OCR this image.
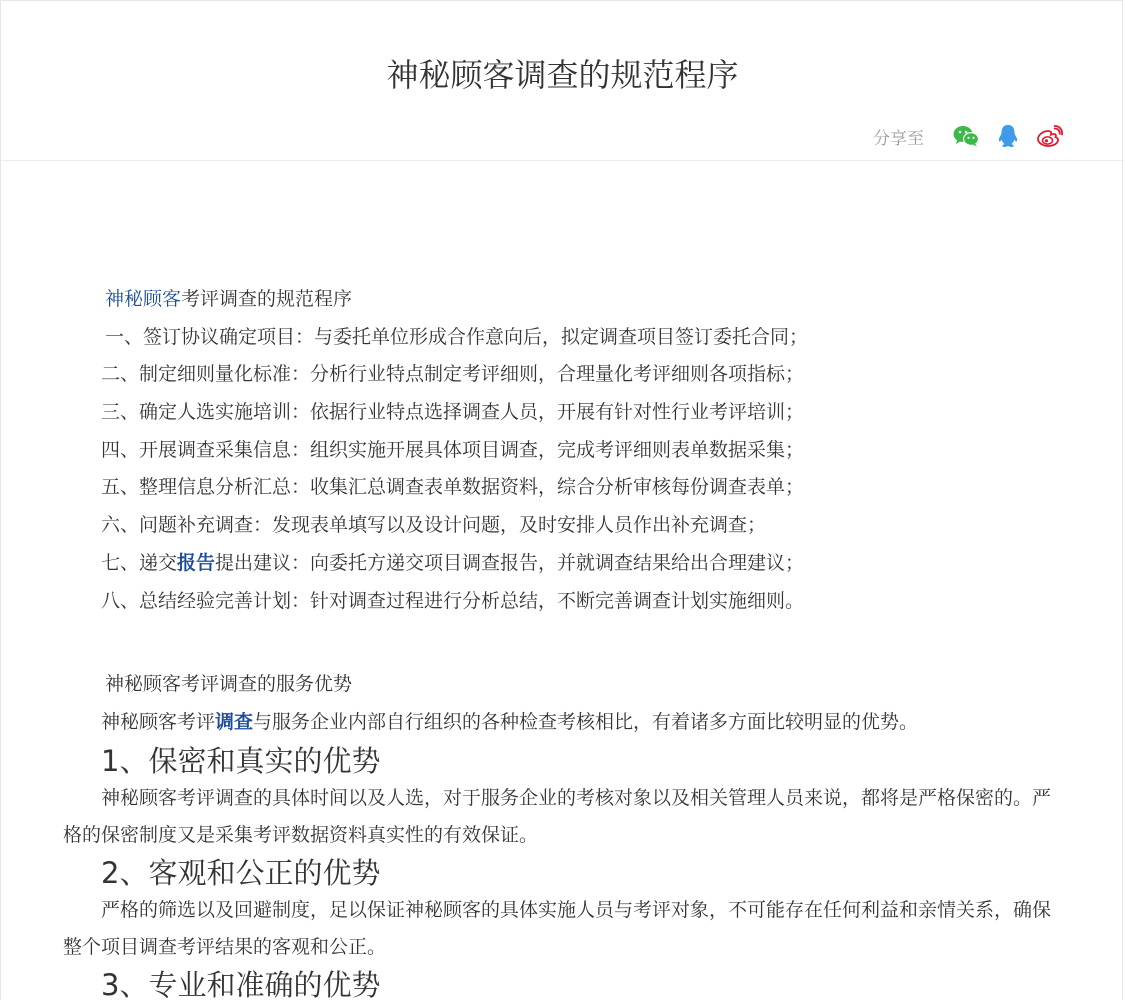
神秘顾客调查的规范程序
分享至
神秘顾客考评调查的规范程序
一、签订协议确定项目：与委托单位形成合作意向后，拟定调查项目签订委托合同；
二、制定细则量化标准：分析行业特点制定考评细则，合理量化考评细则各项指标；
三、确定人选实施培训：依据行业特点选择调查人员，开展有针对性行业考评培训；
四、开展调查采集信息：组织实施开展具体项目调查，完成考评细则表单数据采集；
五、整理信息分析汇总：收集汇总调查表单数据资料，综合分析审核每份调查表单；
六、问题补充调查：发现表单填写以及设计问题，及时安排人员作出补充调查；
七、递交报告提出建议：向委托方递交项目调查报告，并就调查结果给出合理建议；
八、总结经验完善计划：针对调查过程进行分析总结，不断完善调查计划实施细则。
神秘顾客考评调查的服务优势
神秘顾客考评调查与服务企业内部自行组织的各种检查考核相比，有着诸多方面比较明显的优势。
1、保密和真实的优势

神秘顾客考评调查的具体时间以及人选，对于服务企业的考核对象以及相关管理人员来说，都将是严格保密的。严格的保密制度又是采集考评数据资料真实性的有效保证。

2、客观和公正的优势

严格的筛选以及回避制度，足以保证神秘顾客的具体实施人员与考评对象，不可能存在任何利益和亲情关系，确保整个项目调查考评结果的客观和公正。

3、专业和准确的优势
